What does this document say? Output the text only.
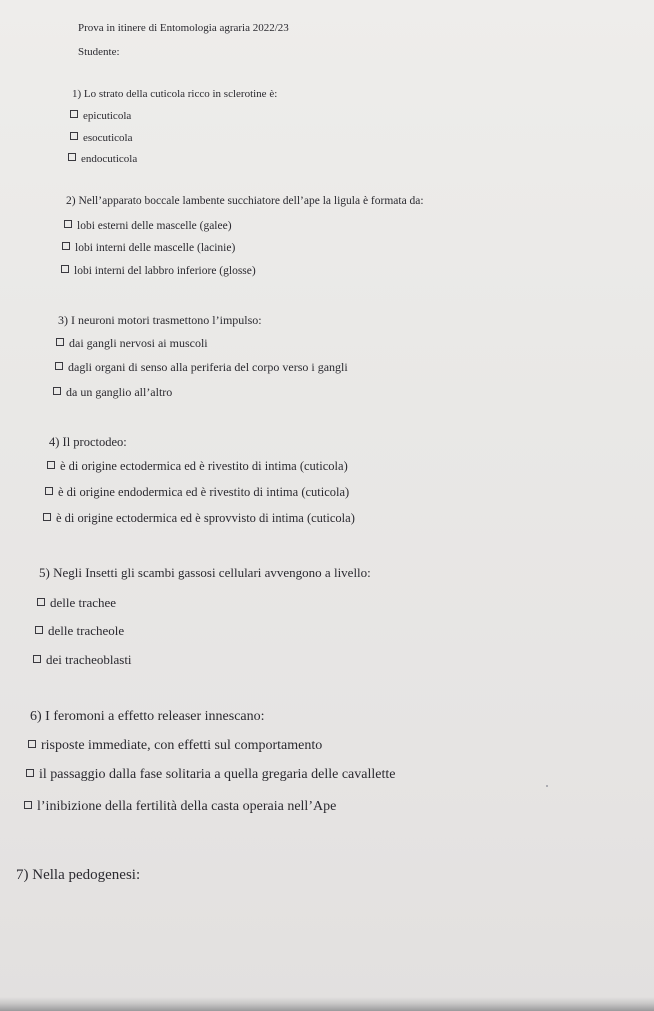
Prova in itinere di Entomologia agraria 2022/23
Studente:
1) Lo strato della cuticola ricco in sclerotine è:
epicuticola
esocuticola
endocuticola
2) Nell’apparato boccale lambente succhiatore dell’ape la ligula è formata da:
lobi esterni delle mascelle (galee)
lobi interni delle mascelle (lacinie)
lobi interni del labbro inferiore (glosse)
3) I neuroni motori trasmettono l’impulso:
dai gangli nervosi ai muscoli
dagli organi di senso alla periferia del corpo verso i gangli
da un ganglio all’altro
4) Il proctodeo:
è di origine ectodermica ed è rivestito di intima (cuticola)
è di origine endodermica ed è rivestito di intima (cuticola)
è di origine ectodermica ed è sprovvisto di intima (cuticola)
5) Negli Insetti gli scambi gassosi cellulari avvengono a livello:
delle trachee
delle tracheole
dei tracheoblasti
6) I feromoni a effetto releaser innescano:
risposte immediate, con effetti sul comportamento
il passaggio dalla fase solitaria a quella gregaria delle cavallette
l’inibizione della fertilità della casta operaia nell’Ape
7) Nella pedogenesi:
